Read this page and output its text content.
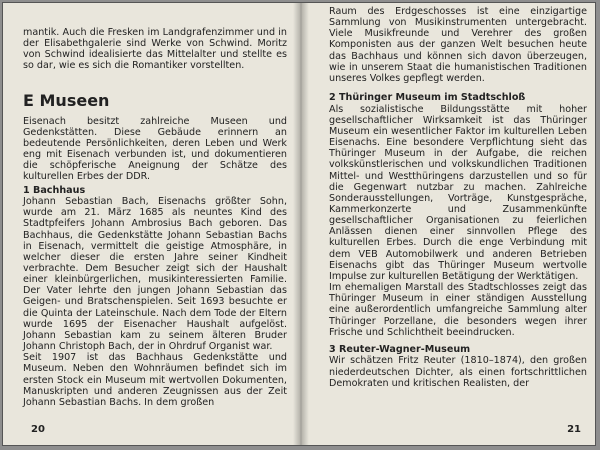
mantik. Auch die Fresken im Landgrafenzimmer und in der Elisabethgalerie sind Werke von Schwind. Moritz von Schwind idealisierte das Mittelalter und stellte es so dar, wie es sich die Romantiker vorstellten.

E Museen

Eisenach besitzt zahlreiche Museen und Gedenkstätten. Diese Gebäude erinnern an bedeutende Persönlichkeiten, deren Leben und Werk eng mit Eisenach verbunden ist, und dokumentieren die schöpferische Aneignung der Schätze des kulturellen Erbes der DDR.

1 Bachhaus

Johann Sebastian Bach, Eisenachs größter Sohn, wurde am 21. März 1685 als neuntes Kind des Stadtpfeifers Johann Ambrosius Bach geboren. Das Bachhaus, die Gedenkstätte Johann Sebastian Bachs in Eisenach, vermittelt die geistige Atmosphäre, in welcher dieser die ersten Jahre seiner Kindheit verbrachte. Dem Besucher zeigt sich der Haushalt einer kleinbürgerlichen, musikinteressierten Familie. Der Vater lehrte den jungen Johann Sebastian das Geigen- und Bratschenspielen. Seit 1693 besuchte er die Quinta der Lateinschule. Nach dem Tode der Eltern wurde 1695 der Eisenacher Haushalt aufgelöst. Johann Sebastian kam zu seinem älteren Bruder Johann Christoph Bach, der in Ohrdruf Organist war.

Seit 1907 ist das Bachhaus Gedenkstätte und Museum. Neben den Wohnräumen befindet sich im ersten Stock ein Museum mit wertvollen Dokumenten, Manuskripten und anderen Zeugnissen aus der Zeit Johann Sebastian Bachs. In dem großen

Raum des Erdgeschosses ist eine einzigartige Sammlung von Musikinstrumenten untergebracht. Viele Musikfreunde und Verehrer des großen Komponisten aus der ganzen Welt besuchen heute das Bachhaus und können sich davon überzeugen, wie in unserem Staat die humanistischen Traditionen unseres Volkes gepflegt werden.

2 Thüringer Museum im Stadtschloß

Als sozialistische Bildungsstätte mit hoher gesellschaftlicher Wirksamkeit ist das Thüringer Museum ein wesentlicher Faktor im kulturellen Leben Eisenachs. Eine besondere Verpflichtung sieht das Thüringer Museum in der Aufgabe, die reichen volkskünstlerischen und volkskundlichen Traditionen Mittel- und Westthüringens darzustellen und so für die Gegenwart nutzbar zu machen. Zahlreiche Sonderausstellungen, Vorträge, Kunstgespräche, Kammerkonzerte und Zusammenkünfte gesellschaftlicher Organisationen zu feierlichen Anlässen dienen einer sinnvollen Pflege des kulturellen Erbes. Durch die enge Verbindung mit dem VEB Automobilwerk und anderen Betrieben Eisenachs gibt das Thüringer Museum wertvolle Impulse zur kulturellen Betätigung der Werktätigen.

Im ehemaligen Marstall des Stadtschlosses zeigt das Thüringer Museum in einer ständigen Ausstellung eine außerordentlich umfangreiche Sammlung alter Thüringer Porzellane, die besonders wegen ihrer Frische und Schlichtheit beeindrucken.

3 Reuter-Wagner-Museum

Wir schätzen Fritz Reuter (1810–1874), den großen niederdeutschen Dichter, als einen fortschrittlichen Demokraten und kritischen Realisten, der

20	21
